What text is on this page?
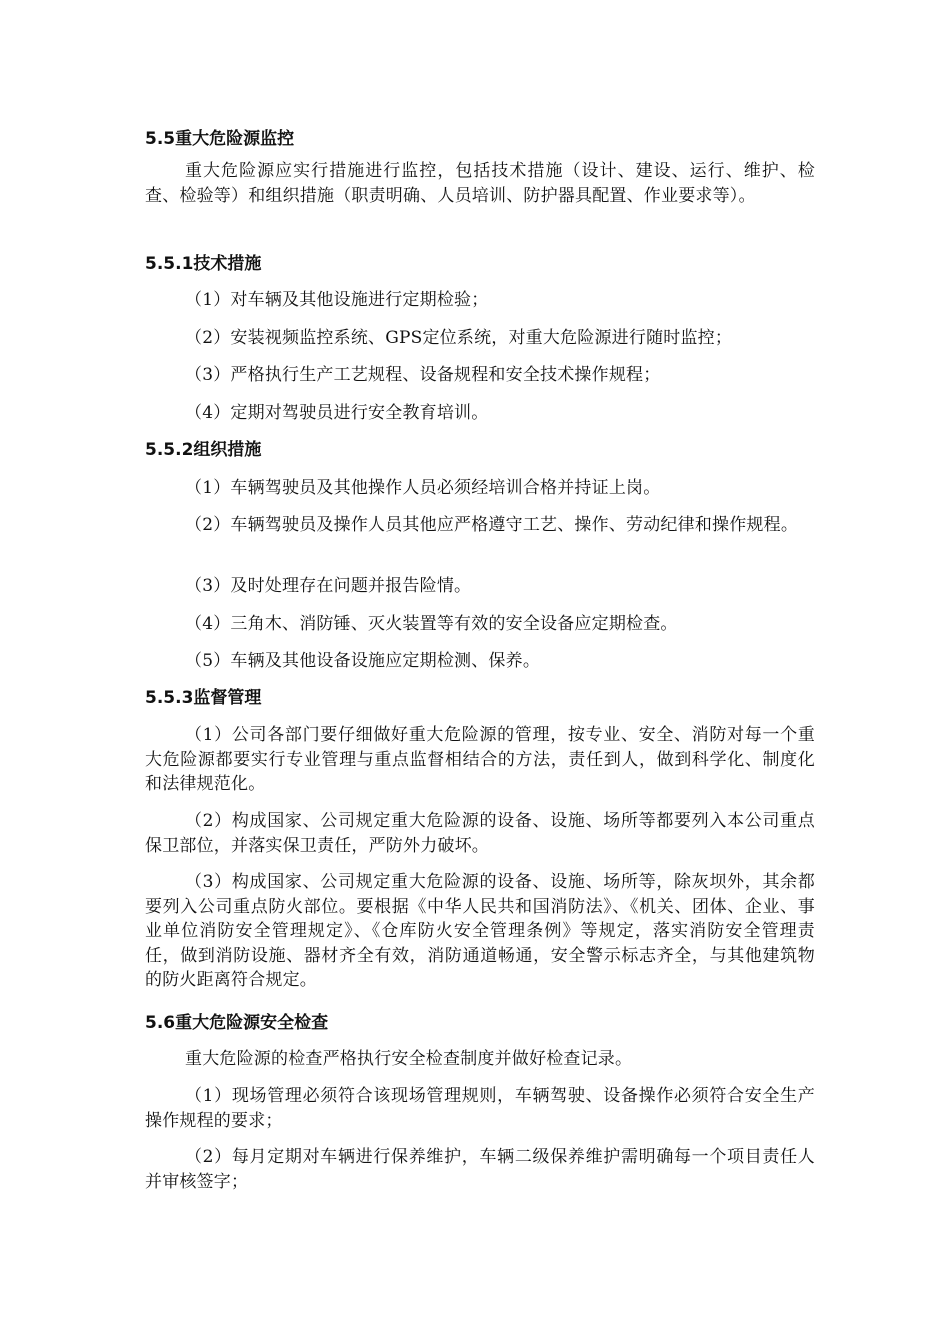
5.5重大危险源监控
重大危险源应实行措施进行监控，包括技术措施（设计、建设、运行、维护、检查、检验等）和组织措施（职责明确、人员培训、防护器具配置、作业要求等）。
5.5.1技术措施
（1）对车辆及其他设施进行定期检验；
（2）安装视频监控系统、GPS定位系统，对重大危险源进行随时监控；
（3）严格执行生产工艺规程、设备规程和安全技术操作规程；
（4）定期对驾驶员进行安全教育培训。
5.5.2组织措施
（1）车辆驾驶员及其他操作人员必须经培训合格并持证上岗。
（2）车辆驾驶员及操作人员其他应严格遵守工艺、操作、劳动纪律和操作规程。
（3）及时处理存在问题并报告险情。
（4）三角木、消防锤、灭火装置等有效的安全设备应定期检查。
（5）车辆及其他设备设施应定期检测、保养。
5.5.3监督管理
（1）公司各部门要仔细做好重大危险源的管理，按专业、安全、消防对每一个重大危险源都要实行专业管理与重点监督相结合的方法，责任到人，做到科学化、制度化和法律规范化。
（2）构成国家、公司规定重大危险源的设备、设施、场所等都要列入本公司重点保卫部位，并落实保卫责任，严防外力破坏。
（3）构成国家、公司规定重大危险源的设备、设施、场所等，除灰坝外，其余都要列入公司重点防火部位。要根据《中华人民共和国消防法》、《机关、团体、企业、事业单位消防安全管理规定》、《仓库防火安全管理条例》等规定，落实消防安全管理责任，做到消防设施、器材齐全有效，消防通道畅通，安全警示标志齐全，与其他建筑物的防火距离符合规定。
5.6重大危险源安全检查
重大危险源的检查严格执行安全检查制度并做好检查记录。
（1）现场管理必须符合该现场管理规则，车辆驾驶、设备操作必须符合安全生产操作规程的要求；
（2）每月定期对车辆进行保养维护，车辆二级保养维护需明确每一个项目责任人并审核签字；
